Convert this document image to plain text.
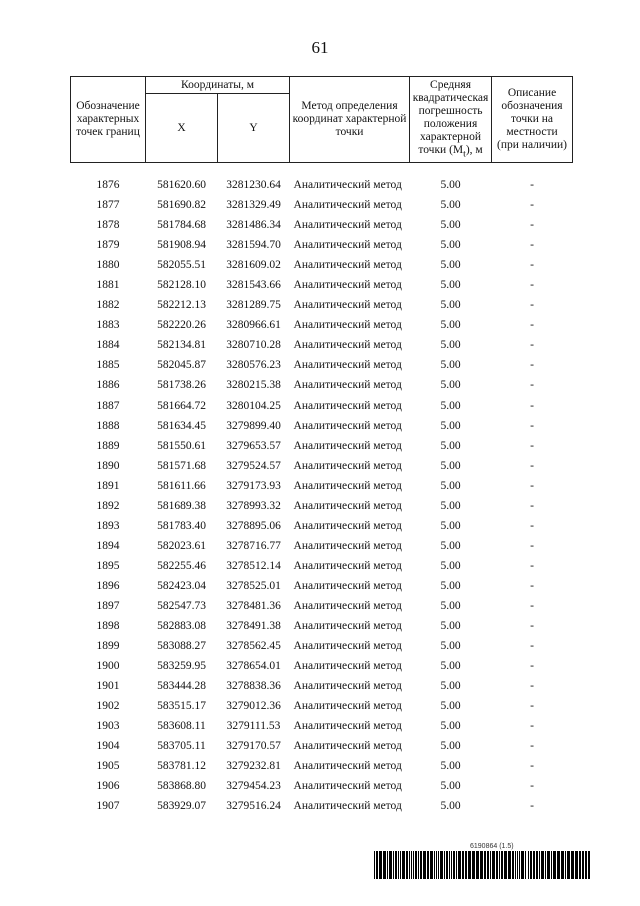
61
Обозначение характерных точек границ	Координаты, м		Метод определения координат характерной точки	Средняя квадратическая погрешность положения характерной точки $(M_t)$, м	Описание обозначения точки на местности (при наличии)
	X	Y			

1876	581620.60	3281230.64	Аналитический метод	5.00	-
1877	581690.82	3281329.49	Аналитический метод	5.00	-
1878	581784.68	3281486.34	Аналитический метод	5.00	-
1879	581908.94	3281594.70	Аналитический метод	5.00	-
1880	582055.51	3281609.02	Аналитический метод	5.00	-
1881	582128.10	3281543.66	Аналитический метод	5.00	-
1882	582212.13	3281289.75	Аналитический метод	5.00	-
1883	582220.26	3280966.61	Аналитический метод	5.00	-
1884	582134.81	3280710.28	Аналитический метод	5.00	-
1885	582045.87	3280576.23	Аналитический метод	5.00	-
1886	581738.26	3280215.38	Аналитический метод	5.00	-
1887	581664.72	3280104.25	Аналитический метод	5.00	-
1888	581634.45	3279899.40	Аналитический метод	5.00	-
1889	581550.61	3279653.57	Аналитический метод	5.00	-
1890	581571.68	3279524.57	Аналитический метод	5.00	-
1891	581611.66	3279173.93	Аналитический метод	5.00	-
1892	581689.38	3278993.32	Аналитический метод	5.00	-
1893	581783.40	3278895.06	Аналитический метод	5.00	-
1894	582023.61	3278716.77	Аналитический метод	5.00	-
1895	582255.46	3278512.14	Аналитический метод	5.00	-
1896	582423.04	3278525.01	Аналитический метод	5.00	-
1897	582547.73	3278481.36	Аналитический метод	5.00	-
1898	582883.08	3278491.38	Аналитический метод	5.00	-
1899	583088.27	3278562.45	Аналитический метод	5.00	-
1900	583259.95	3278654.01	Аналитический метод	5.00	-
1901	583444.28	3278838.36	Аналитический метод	5.00	-
1902	583515.17	3279012.36	Аналитический метод	5.00	-
1903	583608.11	3279111.53	Аналитический метод	5.00	-
1904	583705.11	3279170.57	Аналитический метод	5.00	-
1905	583781.12	3279232.81	Аналитический метод	5.00	-
1906	583868.80	3279454.23	Аналитический метод	5.00	-
1907	583929.07	3279516.24	Аналитический метод	5.00	-
6190864 (1.5)
